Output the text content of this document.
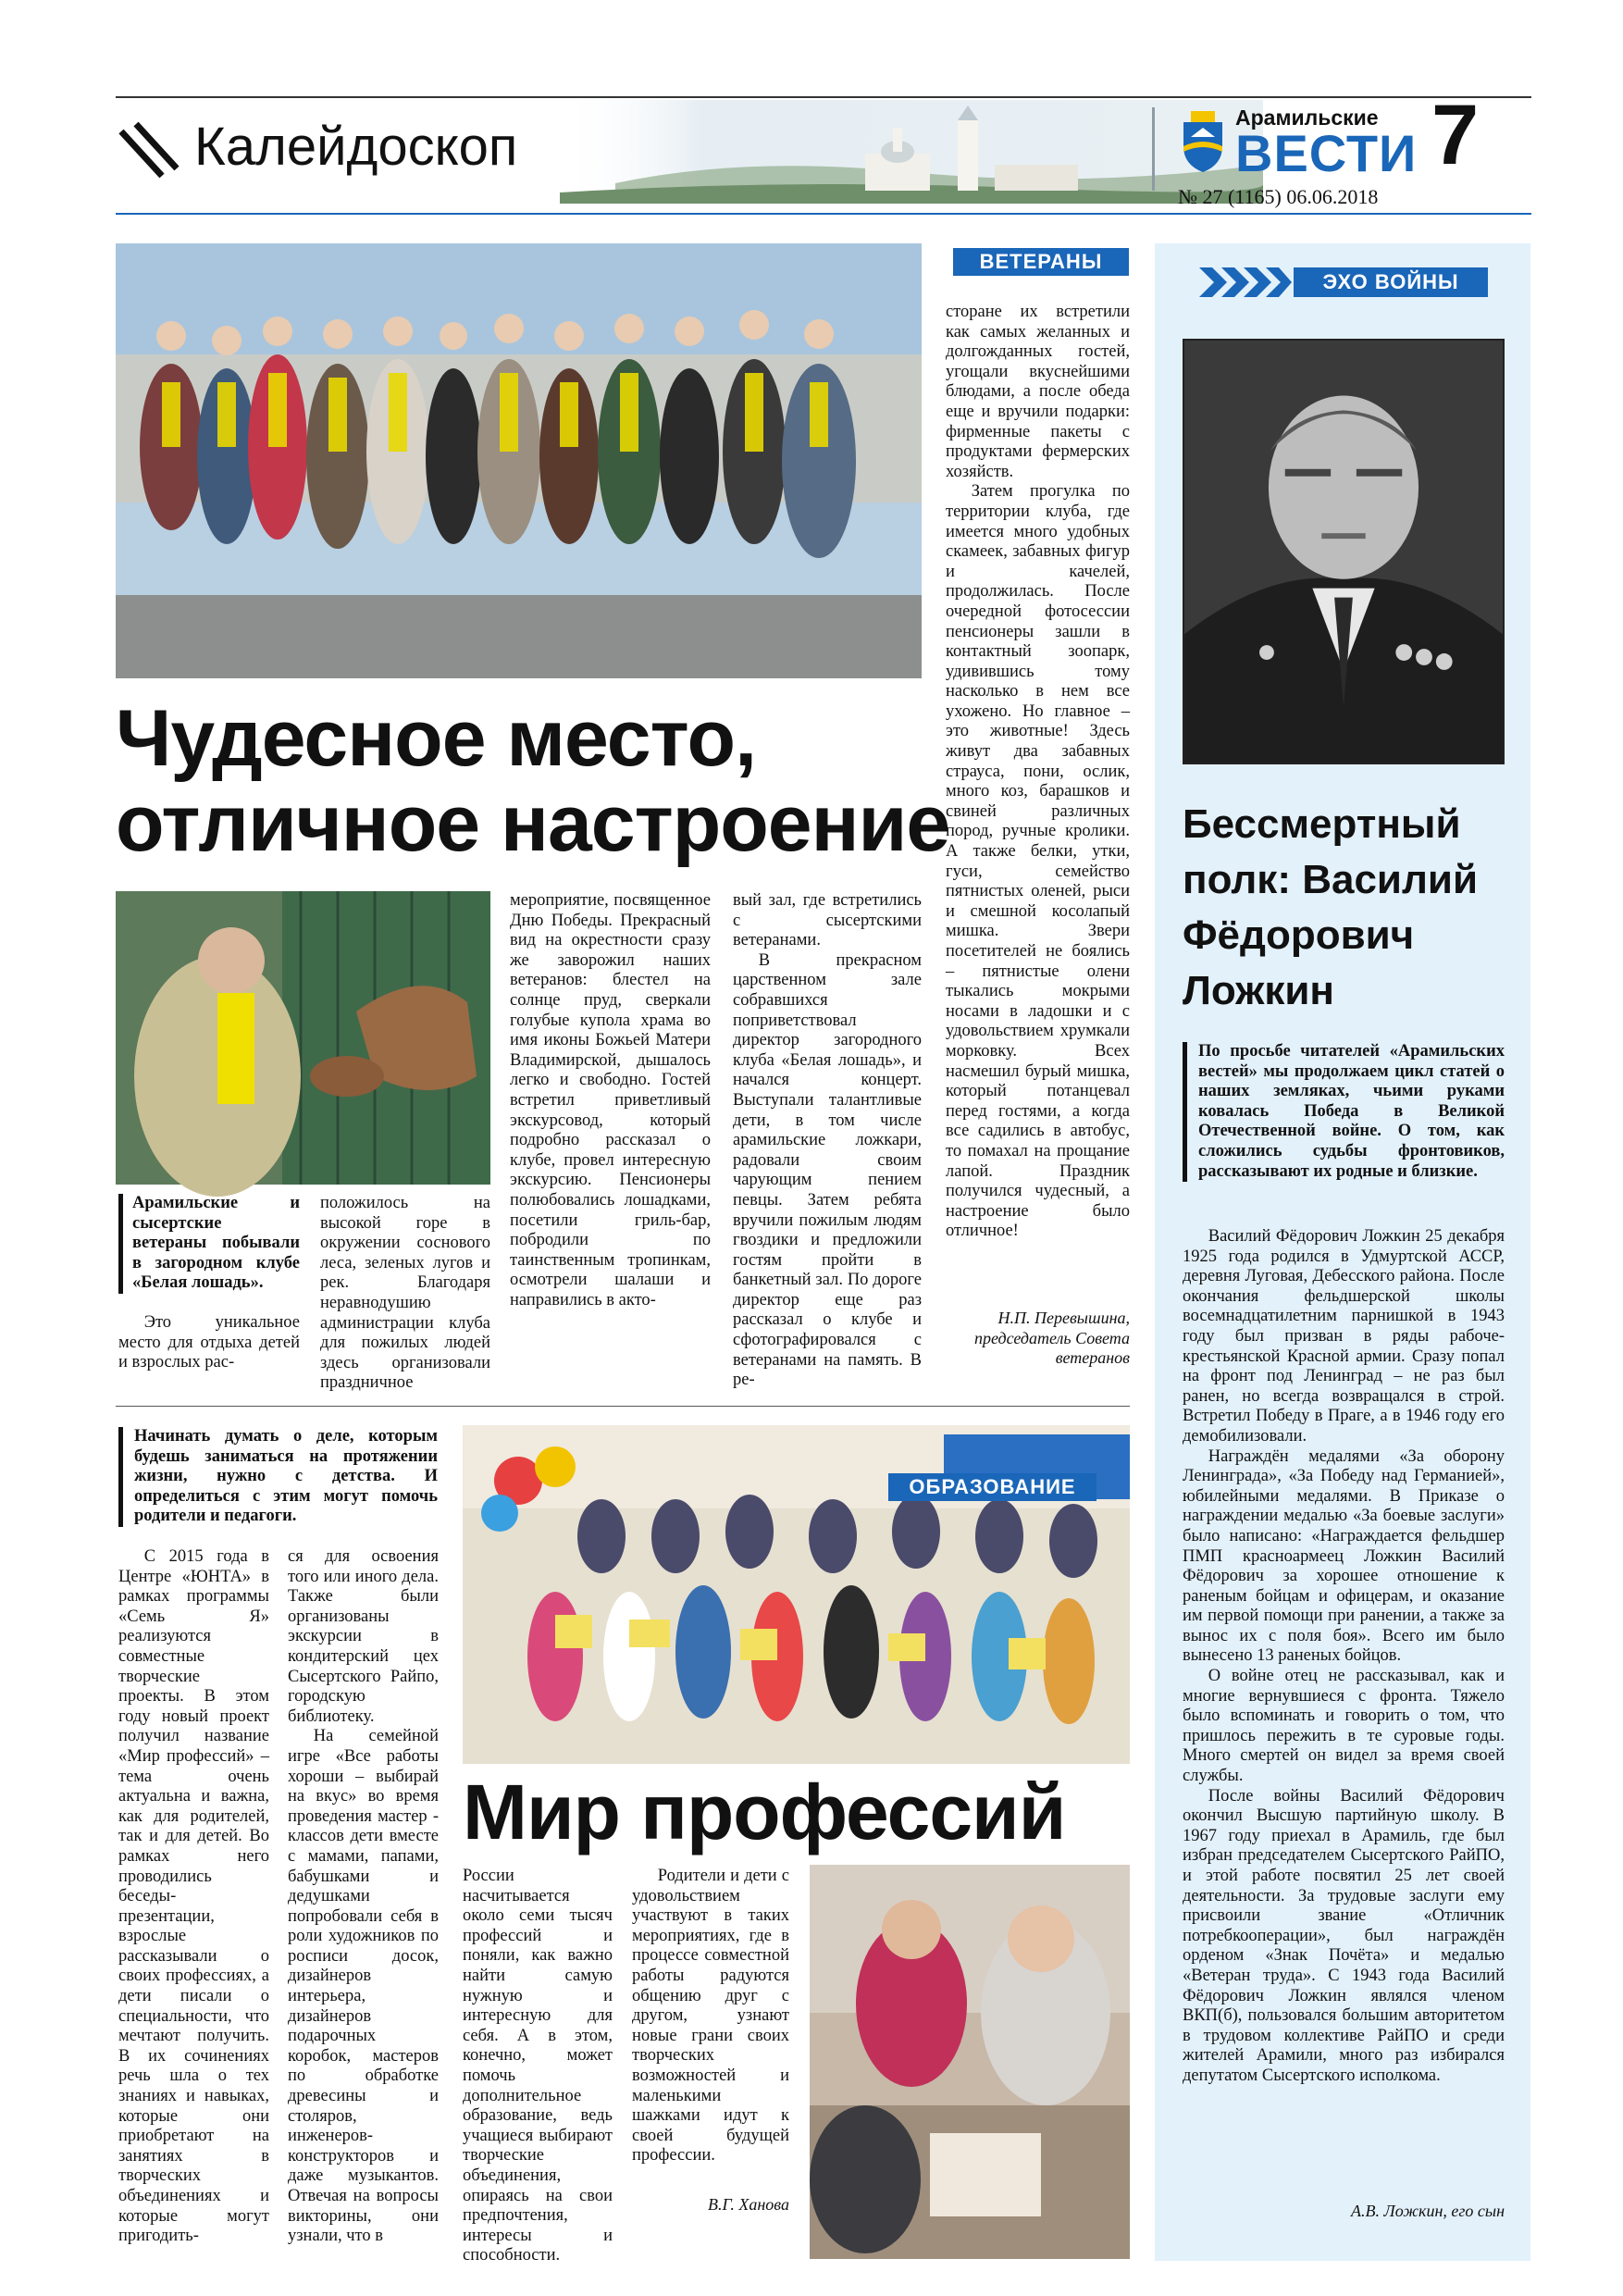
Калейдоскоп	Арамильские
ВЕСТИ 7
№ 27 (1165) 06.06.2018
ВЕТЕРАНЫ
Чудесное место,
отличное настроение
Арамильские и сысертские ветераны побывали в загородном клубе «Белая лошадь».

Это уникальное место для отдыха детей и взрослых рас-

положилось на высокой горе в окружении соснового леса, зеленых лугов и рек. Благодаря неравнодушию администрации клуба для пожилых людей здесь организовали праздничное

мероприятие, посвященное Дню Победы. Прекрасный вид на окрестности сразу же заворожил наших ветеранов: блестел на солнце пруд, сверкали голубые купола храма во имя иконы Божьей Матери Владимирской, дышалось легко и свободно. Гостей встретил приветливый экскурсовод, который подробно рассказал о клубе, провел интересную экскурсию. Пенсионеры полюбовались лошадками, посетили гриль-бар, побродили по таинственным тропинкам, осмотрели шалаши и направились в акто-

вый зал, где встретились с сысертскими ветеранами.

В прекрасном царственном зале собравшихся поприветствовал директор загородного клуба «Белая лошадь», и начался концерт. Выступали талантливые дети, в том числе арамильские ложкари, радовали своим чарующим пением певцы. Затем ребята вручили пожилым людям гвоздики и предложили гостям пройти в банкетный зал. По дороге директор еще раз рассказал о клубе и сфотографировался с ветеранами на память. В ре-

сторане их встретили как самых желанных и долгожданных гостей, угощали вкуснейшими блюдами, а после обеда еще и вручили подарки: фирменные пакеты с продуктами фермерских хозяйств.

Затем прогулка по территории клуба, где имеется много удобных скамеек, забавных фигур и качелей, продолжилась. После очередной фотосессии пенсионеры зашли в контактный зоопарк, удивившись тому насколько в нем все ухожено. Но главное – это животные! Здесь живут два забавных страуса, пони, ослик, много коз, барашков и свиней различных пород, ручные кролики. А также белки, утки, гуси, семейство пятнистых оленей, рыси и смешной косолапый мишка. Звери посетителей не боялись – пятнистые олени тыкались мокрыми носами в ладошки и с удовольствием хрумкали морковку. Всех насмешил бурый мишка, который потанцевал перед гостями, а когда все садились в автобус, то помахал на прощание лапой. Праздник получился чудесный, а настроение было отличное!

Н.П. Перевышина, председатель Совета ветеранов
Начинать думать о деле, которым будешь заниматься на протяжении жизни, нужно с детства. И определиться с этим могут помочь родители и педагоги.
ОБРАЗОВАНИЕ
Мир профессий

С 2015 года в Центре «ЮНТА» в рамках программы «Семь Я» реализуются совместные творческие проекты. В этом году новый проект получил название «Мир профессий» – тема очень актуальна и важна, как для родителей, так и для детей. Во рамках него проводились беседы-презентации, взрослые рассказывали о своих профессиях, а дети писали о специальности, что мечтают получить. В их сочинениях речь шла о тех знаниях и навыках, которые они приобретают на занятиях в творческих объединениях и которые могут пригодить-

ся для освоения того или иного дела. Также были организованы экскурсии в кондитерский цех Сысертского Райпо, городскую библиотеку.

На семейной игре «Все работы хороши – выбирай на вкус» во время проведения мастер - классов дети вместе с мамами, папами, бабушками и дедушками попробовали себя в роли художников по росписи досок, дизайнеров интерьера, дизайнеров подарочных коробок, мастеров по обработке древесины и столяров, инженеров-конструкторов и даже музыкантов. Отвечая на вопросы викторины, они узнали, что в

России насчитывается около семи тысяч профессий и поняли, как важно найти самую нужную и интересную для себя. А в этом, конечно, может помочь дополнительное образование, ведь учащиеся выбирают творческие объединения, опираясь на свои предпочтения, интересы и способности.

Родители и дети с удовольствием участвуют в таких мероприятиях, где в процессе совместной работы радуются общению друг с другом, узнают новые грани своих творческих возможностей и маленькими шажками идут к своей будущей профессии.

В.Г. Ханова
ЭХО ВОЙНЫ
Бессмертный полк: Василий Фёдорович Ложкин
По просьбе читателей «Арамильских вестей» мы продолжаем цикл статей о наших земляках, чьими руками ковалась Победа в Великой Отечественной войне. О том, как сложились судьбы фронтовиков, рассказывают их родные и близкие.

Василий Фёдорович Ложкин 25 декабря 1925 года родился в Удмуртской АССР, деревня Луговая, Дебесского района. После окончания фельдшерской школы восемнадцатилетним парнишкой в 1943 году был призван в ряды рабоче-крестьянской Красной армии. Сразу попал на фронт под Ленинград – не раз был ранен, но всегда возвращался в строй. Встретил Победу в Праге, а в 1946 году его демобилизовали.

Награждён медалями «За оборону Ленинграда», «За Победу над Германией», юбилейными медалями. В Приказе о награждении медалью «За боевые заслуги» было написано: «Награждается фельдшер ПМП красноармеец Ложкин Василий Фёдорович за хорошее отношение к раненым бойцам и офицерам, и оказание им первой помощи при ранении, а также за вынос их с поля боя». Всего им было вынесено 13 раненых бойцов.

О войне отец не рассказывал, как и многие вернувшиеся с фронта. Тяжело было вспоминать и говорить о том, что пришлось пережить в те суровые годы. Много смертей он видел за время своей службы.

После войны Василий Фёдорович окончил Высшую партийную школу. В 1967 году приехал в Арамиль, где был избран председателем Сысертского РайПО, и этой работе посвятил 25 лет своей деятельности. За трудовые заслуги ему присвоили звание «Отличник потребкооперации», был награждён орденом «Знак Почёта» и медалью «Ветеран труда». С 1943 года Василий Фёдорович Ложкин являлся членом ВКП(б), пользовался большим авторитетом в трудовом коллективе РайПО и среди жителей Арамили, много раз избирался депутатом Сысертского исполкома.

А.В. Ложкин, его сын
